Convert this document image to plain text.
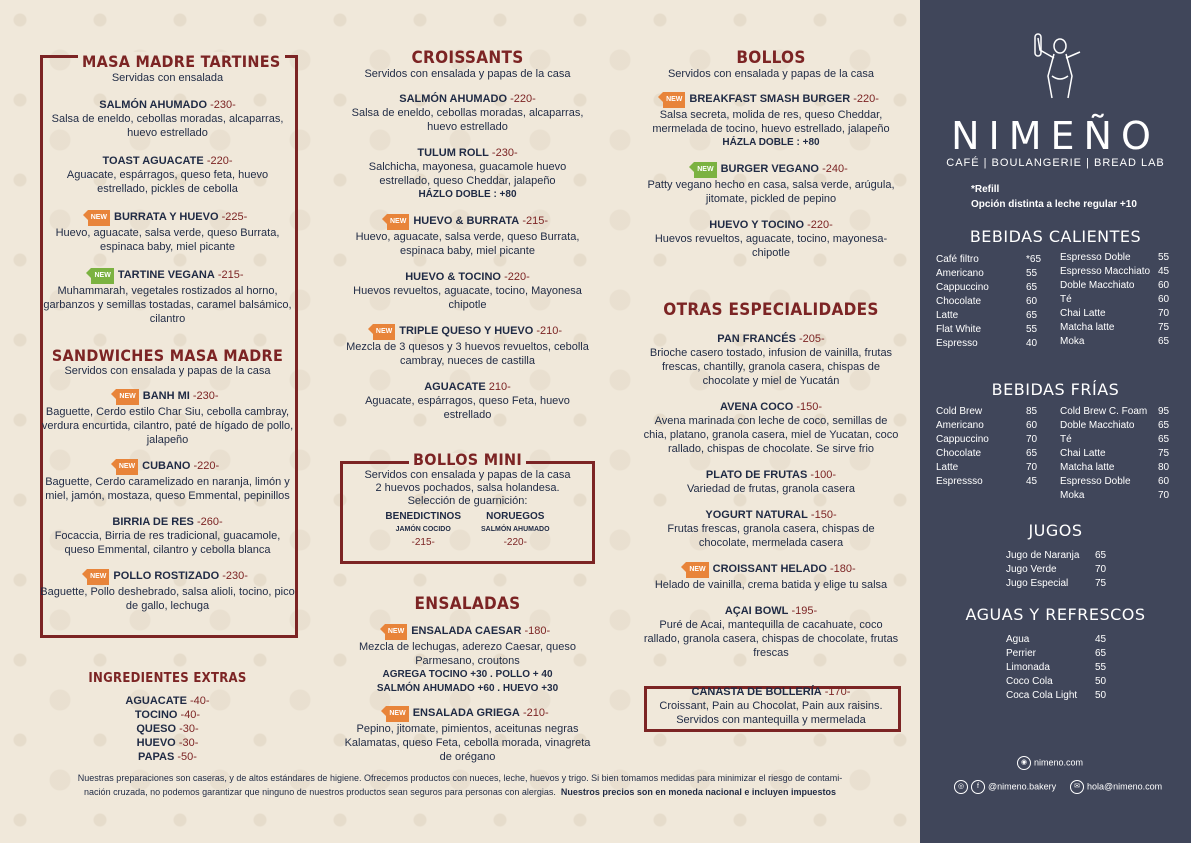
MASA MADRE TARTINES
Servidas con ensalada
SALMÓN AHUMADO -230-
Salsa de eneldo, cebollas moradas, alcaparras, huevo estrellado
TOAST AGUACATE -220-
Aguacate, espárragos, queso feta, huevo estrellado, pickles de cebolla
NEW BURRATA Y HUEVO -225-
Huevo, aguacate, salsa verde, queso Burrata, espinaca baby, miel picante
NEW TARTINE VEGANA -215-
Muhammarah, vegetales rostizados al horno, garbanzos y semillas tostadas, caramel balsámico, cilantro
SANDWICHES MASA MADRE
Servidos con ensalada y papas de la casa
NEW BANH MI -230-
Baguette, Cerdo estilo Char Siu, cebolla cambray, verdura encurtida, cilantro, paté de hígado de pollo, jalapeño
NEW CUBANO -220-
Baguette, Cerdo caramelizado en naranja, limón y miel, jamón, mostaza, queso Emmental, pepinillos
BIRRIA DE RES -260-
Focaccia, Birria de res tradicional, guacamole, queso Emmental, cilantro y cebolla blanca
NEW POLLO ROSTIZADO -230-
Baguette, Pollo deshebrado, salsa alioli, tocino, pico de gallo, lechuga
INGREDIENTES EXTRAS
AGUACATE -40-
TOCINO -40-
QUESO -30-
HUEVO -30-
PAPAS -50-
CROISSANTS
Servidos con ensalada y papas de la casa
SALMÓN AHUMADO -220-
Salsa de eneldo, cebollas moradas, alcaparras, huevo estrellado
TULUM ROLL -230-
Salchicha, mayonesa, guacamole huevo estrellado, queso Cheddar, jalapeño
HÁZLO DOBLE : +80
NEW HUEVO & BURRATA -215-
Huevo, aguacate, salsa verde, queso Burrata, espinaca baby, miel picante
HUEVO & TOCINO -220-
Huevos revueltos, aguacate, tocino, Mayonesa chipotle
NEW TRIPLE QUESO Y HUEVO -210-
Mezcla de 3 quesos y 3 huevos revueltos, cebolla cambray, nueces de castilla
AGUACATE 210-
Aguacate, espárragos, queso Feta, huevo estrellado
BOLLOS MINI
Servidos con ensalada y papas de la casa
2 huevos pochados, salsa holandesa.
Selección de guarnición:
BENEDICTINOS
JAMÓN COCIDO
-215-
NORUEGOS
SALMÓN AHUMADO
-220-
ENSALADAS
NEW ENSALADA CAESAR -180-
Mezcla de lechugas, aderezo Caesar, queso Parmesano, croutons
AGREGA TOCINO +30 . POLLO + 40
SALMÓN AHUMADO +60 . HUEVO +30
NEW ENSALADA GRIEGA -210-
Pepino, jitomate, pimientos, aceitunas negras Kalamatas, queso Feta, cebolla morada, vinagreta de orégano
BOLLOS
Servidos con ensalada y papas de la casa
NEW BREAKFAST SMASH BURGER -220-
Salsa secreta, molida de res, queso Cheddar, mermelada de tocino, huevo estrellado, jalapeño
HÁZLA DOBLE : +80
NEW BURGER VEGANO -240-
Patty vegano hecho en casa, salsa verde, arúgula, jitomate, pickled de pepino
HUEVO Y TOCINO -220-
Huevos revueltos, aguacate, tocino, mayonesa-chipotle
OTRAS ESPECIALIDADES
PAN FRANCÉS -205-
Brioche casero tostado, infusion de vainilla, frutas frescas, chantilly, granola casera, chispas de chocolate y miel de Yucatán
AVENA COCO -150-
Avena marinada con leche de coco, semillas de chia, platano, granola casera, miel de Yucatan, coco rallado, chispas de chocolate. Se sirve frio
PLATO DE FRUTAS -100-
Variedad de frutas, granola casera
YOGURT NATURAL -150-
Frutas frescas, granola casera, chispas de chocolate, mermelada casera
NEW CROISSANT HELADO -180-
Helado de vainilla, crema batida y elige tu salsa
AÇAI BOWL -195-
Puré de Acai, mantequilla de cacahuate, coco rallado, granola casera, chispas de chocolate, frutas frescas
CANASTA DE BOLLERÍA -170-
Croissant, Pain au Chocolat, Pain aux raisins.
Servidos con mantequilla y mermelada
Nuestras preparaciones son caseras, y de altos estándares de higiene. Ofrecemos productos con nueces, leche, huevos y trigo. Si bien tomamos medidas para minimizar el riesgo de contami-
nación cruzada, no podemos garantizar que ninguno de nuestros productos sean seguros para personas con alergias. Nuestros precios son en moneda nacional e incluyen impuestos
NIMEÑO
CAFÉ | BOULANGERIE | BREAD LAB
*Refill
Opción distinta a leche regular +10
BEBIDAS CALIENTES
Café filtro	*65
Americano	55
Cappuccino	65
Chocolate	60
Latte	65
Flat White	55
Espresso	40
Espresso Doble	55
Espresso Macchiato 45
Doble Macchiato 60
Té	60
Chai Latte	70
Matcha latte	75
Moka	65
BEBIDAS FRÍAS
Cold Brew	85
Americano	60
Cappuccino	70
Chocolate	65
Latte	70
Espressso	45
Cold Brew C. Foam 95
Doble Macchiato 65
Té	65
Chai Latte	75
Matcha latte	80
Espresso Doble	60
Moka	70
JUGOS
Jugo de Naranja 65
Jugo Verde	70
Jugo Especial	75
AGUAS Y REFRESCOS
Agua	45
Perrier	65
Limonada	55
Coco Cola	50
Coca Cola Light 50
◉ nimeno.com
◎ f @nimeno.bakery	✉ hola@nimeno.com
